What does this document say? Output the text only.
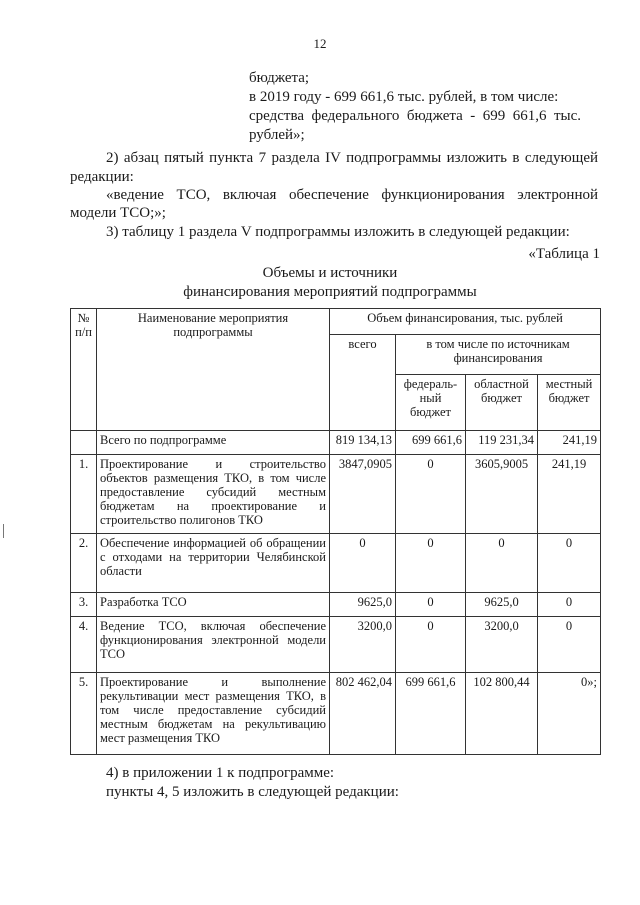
12
бюджета;
в 2019 году - 699 661,6 тыс. рублей, в том числе:
средства федерального бюджета - 699 661,6 тыс.
рублей»;
2) абзац пятый пункта 7 раздела IV подпрограммы изложить в следующей
редакции:
«ведение ТСО, включая обеспечение функционирования электронной
модели ТСО;»;
3) таблицу 1 раздела V подпрограммы изложить в следующей редакции:
«Таблица 1
Объемы и источники
финансирования мероприятий подпрограммы
№ п/п	Наименование мероприятия подпрограммы	Объем финансирования, тыс. рублей			
		всего	в том числе по источникам финансирования		
			федераль-ный бюджет	областной бюджет	местный бюджет
	Всего по подпрограмме	819 134,13	699 661,6	119 231,34	241,19
1.	Проектирование и строительство объектов размещения ТКО, в том числе предоставление субсидий местным бюджетам на проектирование и строительство полигонов ТКО	3847,0905	0	3605,9005	241,19
2.	Обеспечение информацией об обращении с отходами на территории Челябинской области	0	0	0	0
3.	Разработка ТСО	9625,0	0	9625,0	0
4.	Ведение ТСО, включая обеспечение функционирования электронной модели ТСО	3200,0	0	3200,0	0
5.	Проектирование и выполнение рекультивации мест размещения ТКО, в том числе предоставление субсидий местным бюджетам на рекультивацию мест размещения ТКО	802 462,04	699 661,6	102 800,44	0»;
4) в приложении 1 к подпрограмме:
пункты 4, 5 изложить в следующей редакции:
